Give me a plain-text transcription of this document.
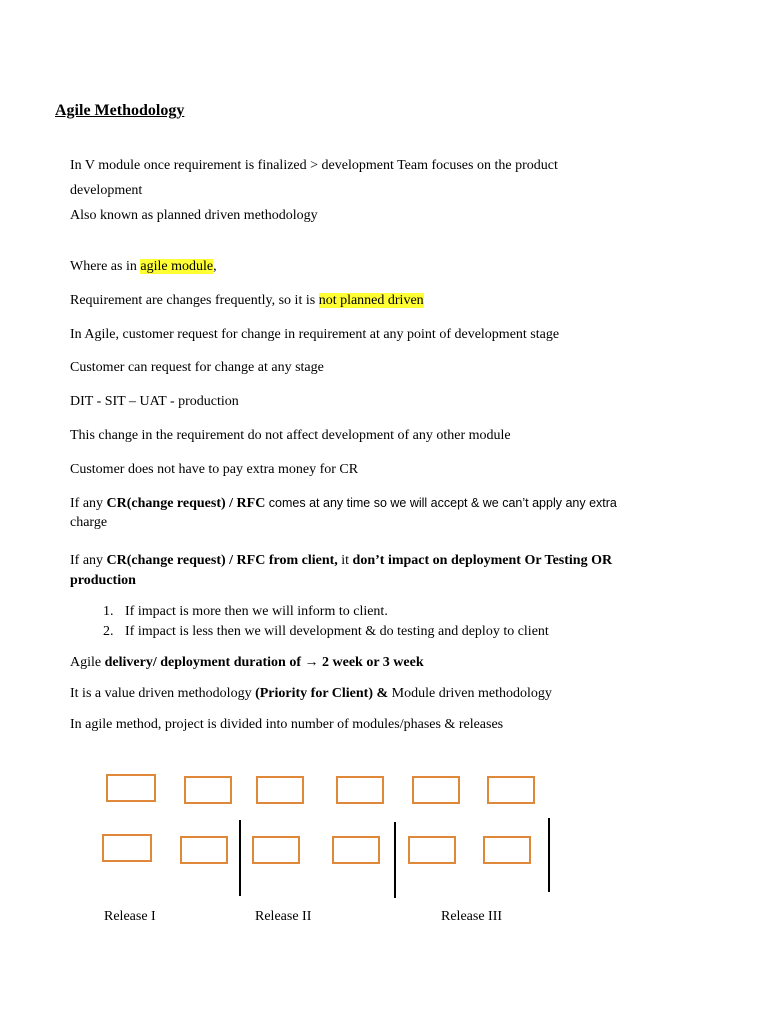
Agile Methodology

In V module once requirement is finalized > development Team focuses on the product

development

Also known as planned driven methodology

Where as in agile module,

Requirement are changes frequently, so it is not planned driven

In Agile, customer request for change in requirement at any point of development stage

Customer can request for change at any stage

DIT - SIT – UAT - production

This change in the requirement do not affect development of any other module

Customer does not have to pay extra money for CR

If any CR(change request) / RFC comes at any time so we will accept & we can’t apply any extra

charge

If any CR(change request) / RFC from client, it don’t impact on deployment Or Testing OR

production

1. If impact is more then we will inform to client.
2. If impact is less then we will development & do testing and deploy to client

Agile delivery/ deployment duration of → 2 week or 3 week

It is a value driven methodology (Priority for Client) & Module driven methodology

In agile method, project is divided into number of modules/phases & releases

Release I	Release II	Release III
